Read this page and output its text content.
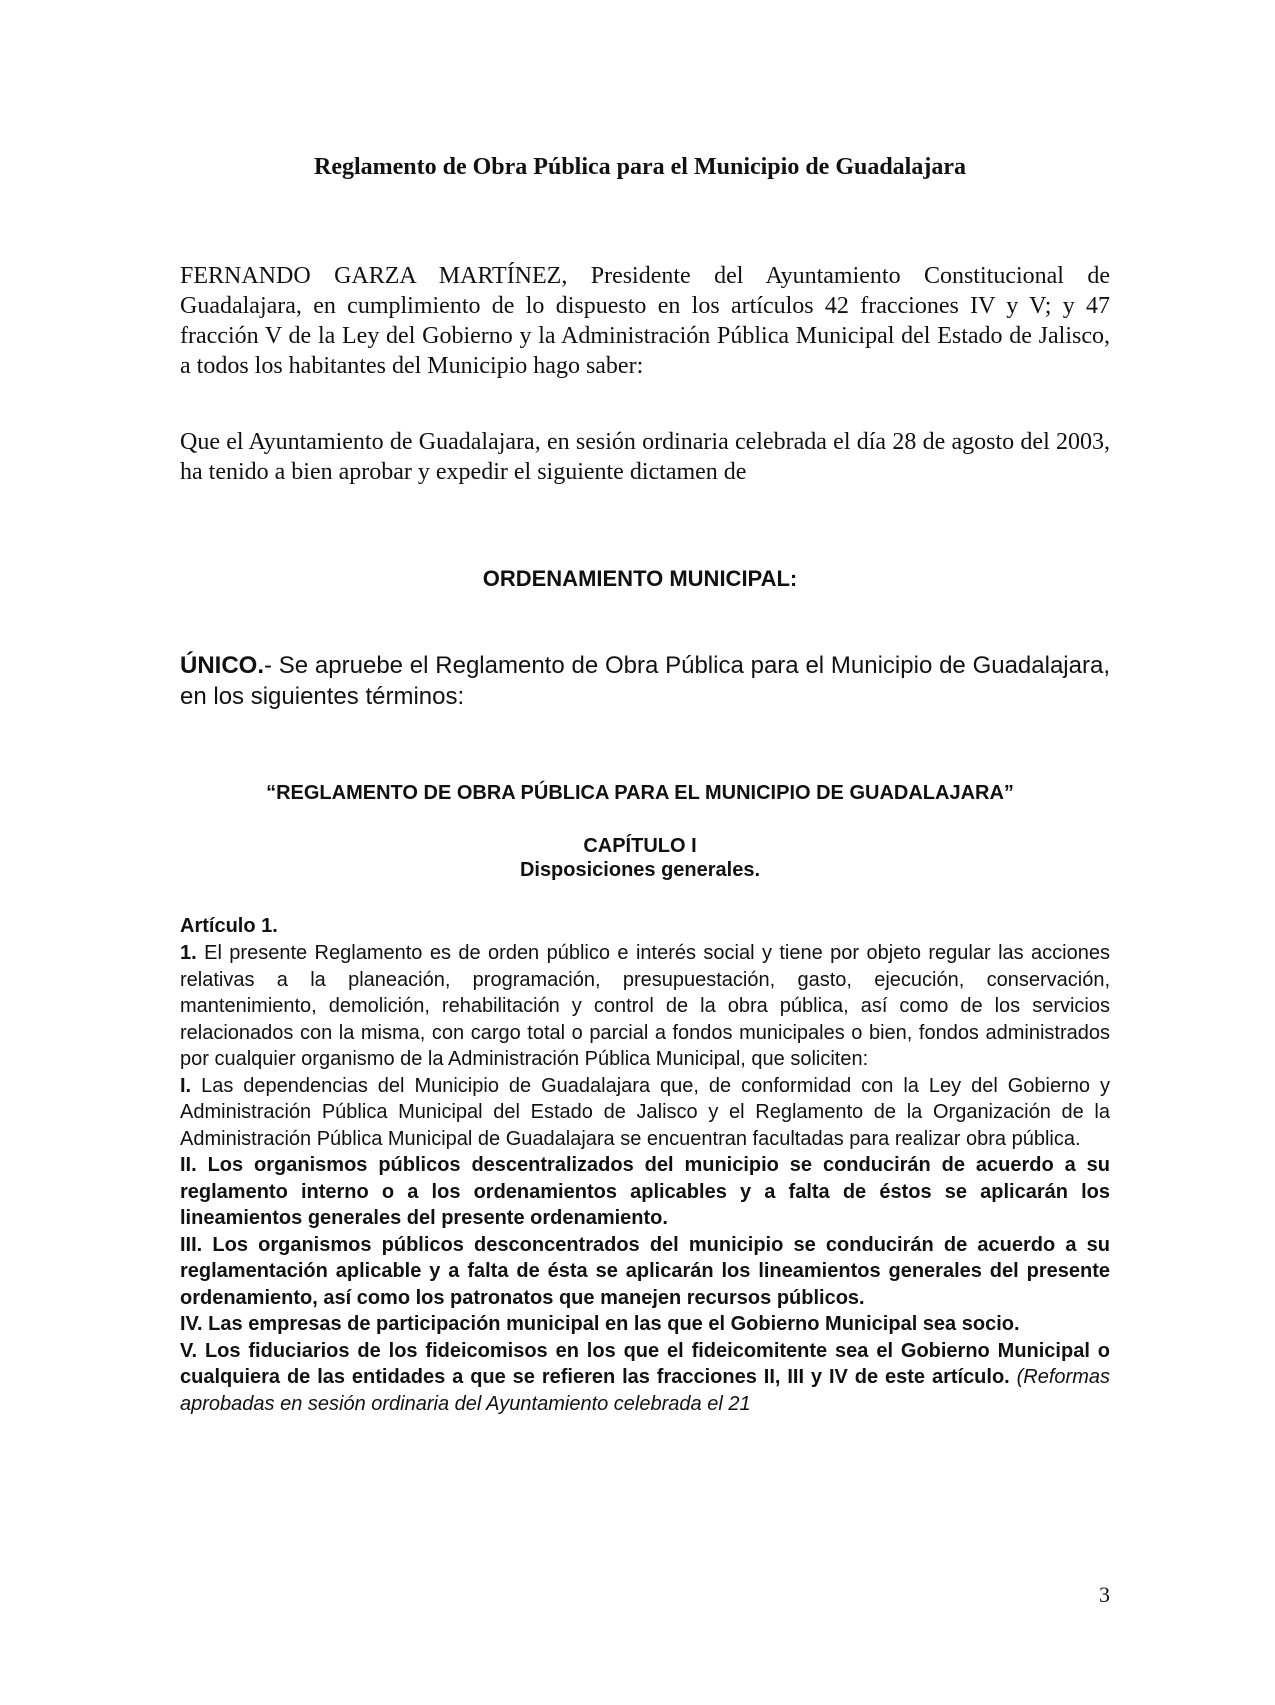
Reglamento de Obra Pública para el Municipio de Guadalajara
FERNANDO GARZA MARTÍNEZ, Presidente del Ayuntamiento Constitucional de Guadalajara, en cumplimiento de lo dispuesto en los artículos 42 fracciones IV y V; y 47 fracción V de la Ley del Gobierno y la Administración Pública Municipal del Estado de Jalisco, a todos los habitantes del Municipio hago saber:
Que el Ayuntamiento de Guadalajara, en sesión ordinaria celebrada el día 28 de agosto del 2003, ha tenido a bien aprobar y expedir el siguiente dictamen de
ORDENAMIENTO MUNICIPAL:
ÚNICO.- Se apruebe el Reglamento de Obra Pública para el Municipio de Guadalajara, en los siguientes términos:
“REGLAMENTO DE OBRA PÚBLICA PARA EL MUNICIPIO DE GUADALAJARA”
CAPÍTULO I
Disposiciones generales.
Artículo 1.

1. El presente Reglamento es de orden público e interés social y tiene por objeto regular las acciones relativas a la planeación, programación, presupuestación, gasto, ejecución, conservación, mantenimiento, demolición, rehabilitación y control de la obra pública, así como de los servicios relacionados con la misma, con cargo total o parcial a fondos municipales o bien, fondos administrados por cualquier organismo de la Administración Pública Municipal, que soliciten:

I. Las dependencias del Municipio de Guadalajara que, de conformidad con la Ley del Gobierno y Administración Pública Municipal del Estado de Jalisco y el Reglamento de la Organización de la Administración Pública Municipal de Guadalajara se encuentran facultadas para realizar obra pública.

II. Los organismos públicos descentralizados del municipio se conducirán de acuerdo a su reglamento interno o a los ordenamientos aplicables y a falta de éstos se aplicarán los lineamientos generales del presente ordenamiento.

III. Los organismos públicos desconcentrados del municipio se conducirán de acuerdo a su reglamentación aplicable y a falta de ésta se aplicarán los lineamientos generales del presente ordenamiento, así como los patronatos que manejen recursos públicos.

IV. Las empresas de participación municipal en las que el Gobierno Municipal sea socio.

V. Los fiduciarios de los fideicomisos en los que el fideicomitente sea el Gobierno Municipal o cualquiera de las entidades a que se refieren las fracciones II, III y IV de este artículo. (Reformas aprobadas en sesión ordinaria del Ayuntamiento celebrada el 21

3
